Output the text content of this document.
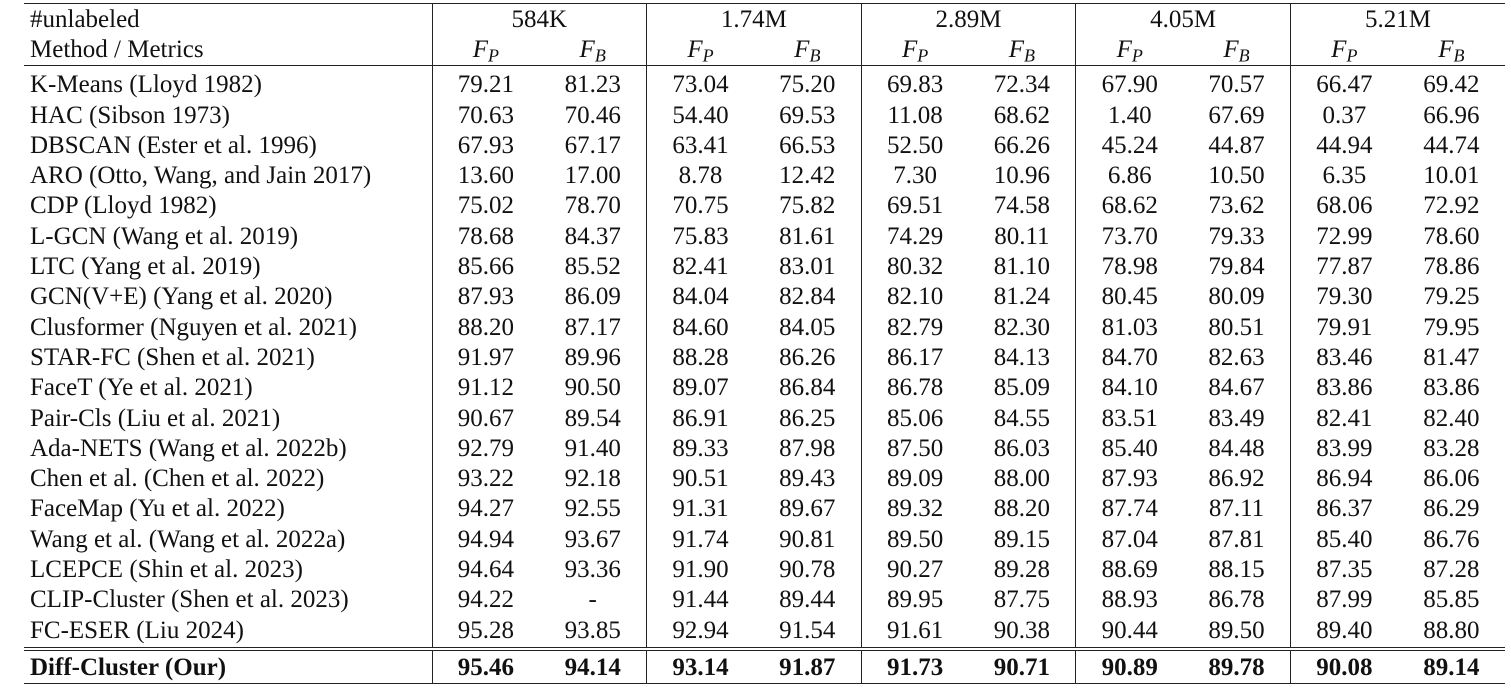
#unlabeled	584K		1.74M		2.89M		4.05M		5.21M	
Method / Metrics	$F_P$	$F_B$	$F_P$	$F_B$	$F_P$	$F_B$	$F_P$	$F_B$	$F_P$	$F_B$
K-Means (Lloyd 1982)	79.21	81.23	73.04	75.20	69.83	72.34	67.90	70.57	66.47	69.42
HAC (Sibson 1973)	70.63	70.46	54.40	69.53	11.08	68.62	1.40	67.69	0.37	66.96
DBSCAN (Ester et al. 1996)	67.93	67.17	63.41	66.53	52.50	66.26	45.24	44.87	44.94	44.74
ARO (Otto, Wang, and Jain 2017)	13.60	17.00	8.78	12.42	7.30	10.96	6.86	10.50	6.35	10.01
CDP (Lloyd 1982)	75.02	78.70	70.75	75.82	69.51	74.58	68.62	73.62	68.06	72.92
L-GCN (Wang et al. 2019)	78.68	84.37	75.83	81.61	74.29	80.11	73.70	79.33	72.99	78.60
LTC (Yang et al. 2019)	85.66	85.52	82.41	83.01	80.32	81.10	78.98	79.84	77.87	78.86
GCN(V+E) (Yang et al. 2020)	87.93	86.09	84.04	82.84	82.10	81.24	80.45	80.09	79.30	79.25
Clusformer (Nguyen et al. 2021)	88.20	87.17	84.60	84.05	82.79	82.30	81.03	80.51	79.91	79.95
STAR-FC (Shen et al. 2021)	91.97	89.96	88.28	86.26	86.17	84.13	84.70	82.63	83.46	81.47
FaceT (Ye et al. 2021)	91.12	90.50	89.07	86.84	86.78	85.09	84.10	84.67	83.86	83.86
Pair-Cls (Liu et al. 2021)	90.67	89.54	86.91	86.25	85.06	84.55	83.51	83.49	82.41	82.40
Ada-NETS (Wang et al. 2022b)	92.79	91.40	89.33	87.98	87.50	86.03	85.40	84.48	83.99	83.28
Chen et al. (Chen et al. 2022)	93.22	92.18	90.51	89.43	89.09	88.00	87.93	86.92	86.94	86.06
FaceMap (Yu et al. 2022)	94.27	92.55	91.31	89.67	89.32	88.20	87.74	87.11	86.37	86.29
Wang et al. (Wang et al. 2022a)	94.94	93.67	91.74	90.81	89.50	89.15	87.04	87.81	85.40	86.76
LCEPCE (Shin et al. 2023)	94.64	93.36	91.90	90.78	90.27	89.28	88.69	88.15	87.35	87.28
CLIP-Cluster (Shen et al. 2023)	94.22	-	91.44	89.44	89.95	87.75	88.93	86.78	87.99	85.85
FC-ESER (Liu 2024)	95.28	93.85	92.94	91.54	91.61	90.38	90.44	89.50	89.40	88.80
Diff-Cluster (Our)	95.46	94.14	93.14	91.87	91.73	90.71	90.89	89.78	90.08	89.14
